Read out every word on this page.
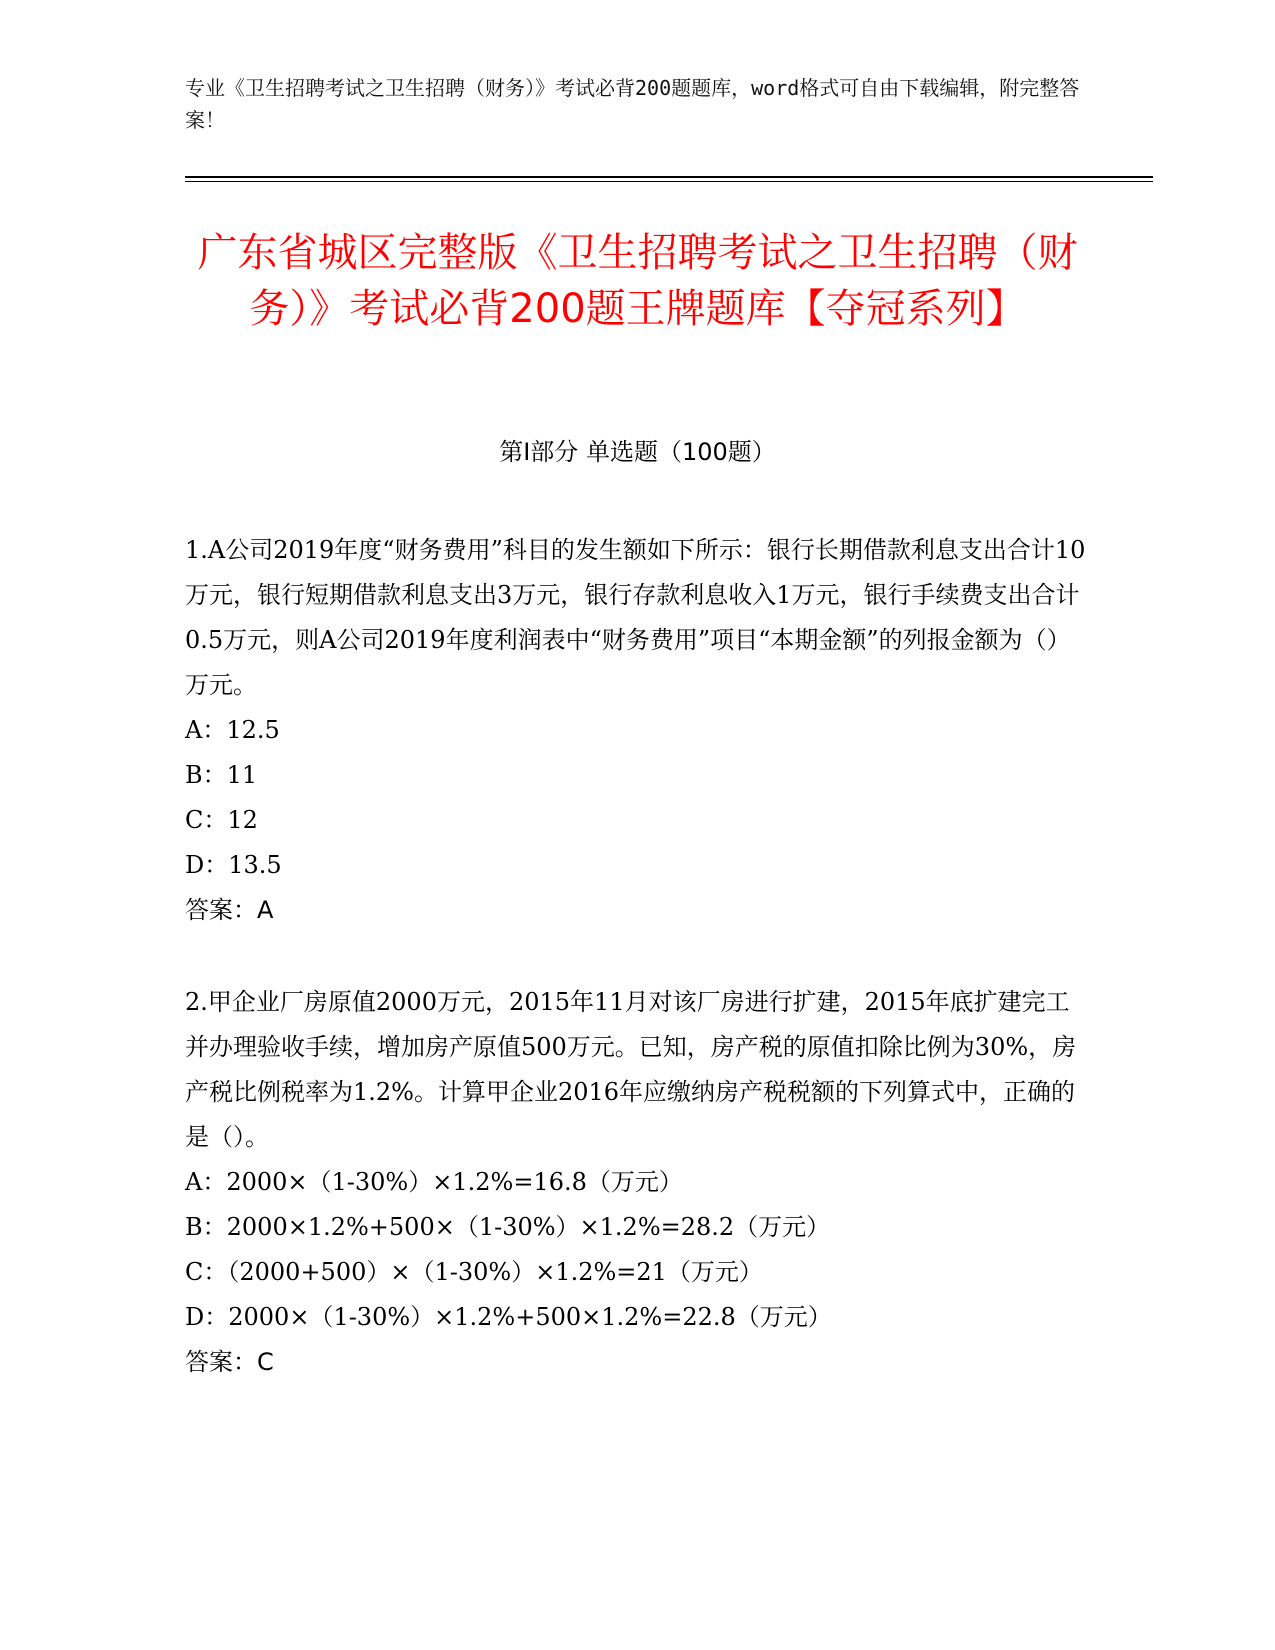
专业《卫生招聘考试之卫生招聘（财务）》考试必背200题题库，word格式可自由下载编辑，附完整答案！
广东省城区完整版《卫生招聘考试之卫生招聘（财务）》考试必背200题王牌题库【夺冠系列】
第I部分 单选题（100题）

1.A公司2019年度“财务费用”科目的发生额如下所示：银行长期借款利息支出合计10万元，银行短期借款利息支出3万元，银行存款利息收入1万元，银行手续费支出合计0.5万元，则A公司2019年度利润表中“财务费用”项目“本期金额”的列报金额为（）万元。

A：12.5

B：11

C：12

D：13.5

答案：A

2.甲企业厂房原值2000万元，2015年11月对该厂房进行扩建，2015年底扩建完工并办理验收手续，增加房产原值500万元。已知，房产税的原值扣除比例为30%，房产税比例税率为1.2%。计算甲企业2016年应缴纳房产税税额的下列算式中，正确的是（）。

A：2000×（1-30%）×1.2%=16.8（万元）

B：2000×1.2%+500×（1-30%）×1.2%=28.2（万元）

C：（2000+500）×（1-30%）×1.2%=21（万元）

D：2000×（1-30%）×1.2%+500×1.2%=22.8（万元）

答案：C
